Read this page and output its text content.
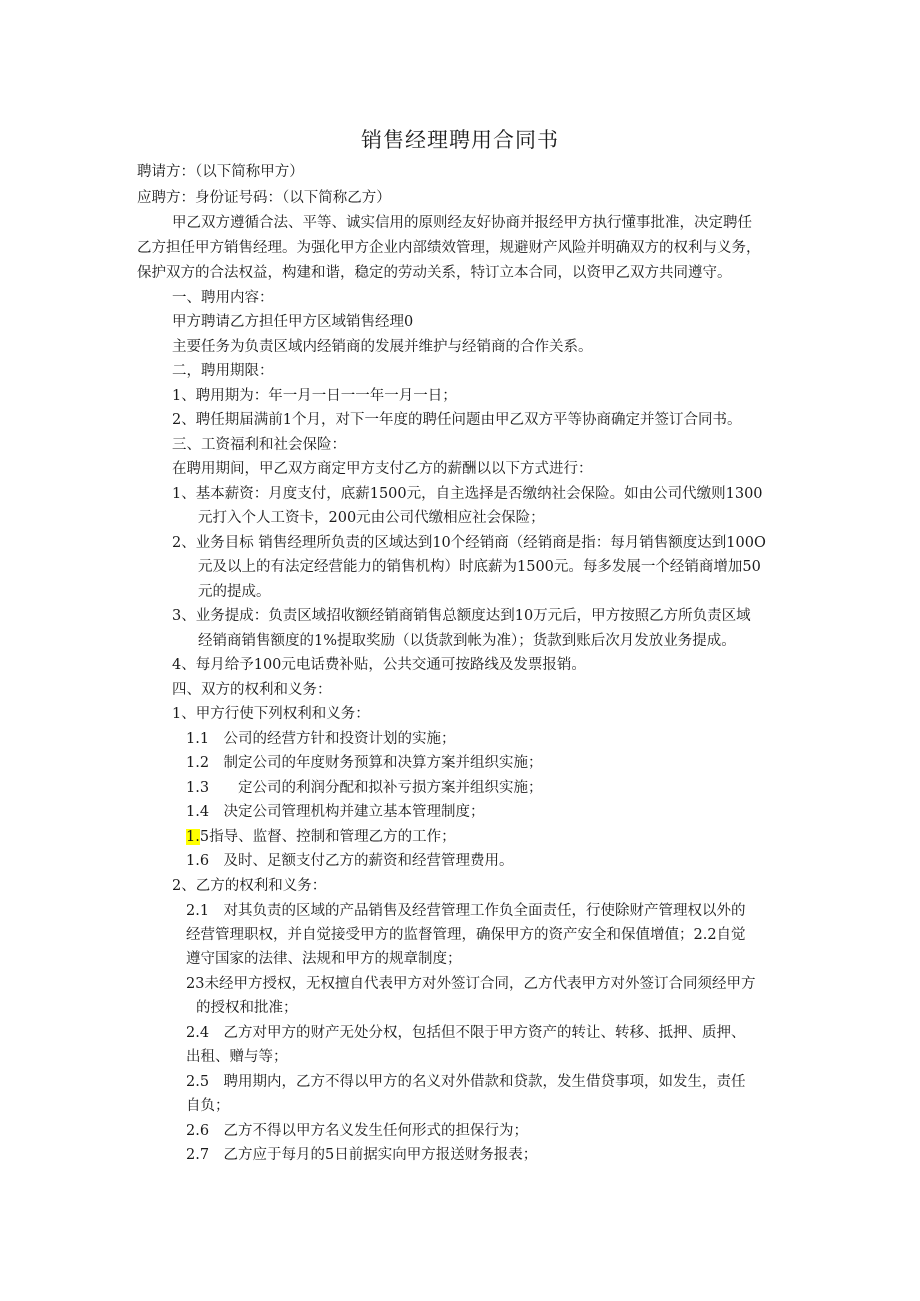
销售经理聘用合同书
聘请方：（以下简称甲方）
应聘方：身份证号码：（以下简称乙方）
甲乙双方遵循合法、平等、诚实信用的原则经友好协商并报经甲方执行懂事批准，决定聘任
乙方担任甲方销售经理。为强化甲方企业内部绩效管理，规避财产风险并明确双方的权利与义务，
保护双方的合法权益，构建和谐，稳定的劳动关系，特订立本合同，以资甲乙双方共同遵守。
一、聘用内容：
甲方聘请乙方担任甲方区域销售经理0
主要任务为负责区域内经销商的发展并维护与经销商的合作关系。
二，聘用期限：
1、聘用期为：年一月一日一一年一月一日；
2、聘任期届满前1个月，对下一年度的聘任问题由甲乙双方平等协商确定并签订合同书。
三、工资福利和社会保险：
在聘用期间，甲乙双方商定甲方支付乙方的薪酬以以下方式进行：
1、基本薪资：月度支付，底薪1500元，自主选择是否缴纳社会保险。如由公司代缴则1300
元打入个人工资卡，200元由公司代缴相应社会保险；
2、业务目标 销售经理所负责的区域达到10个经销商（经销商是指：每月销售额度达到100O
元及以上的有法定经营能力的销售机构）时底薪为1500元。每多发展一个经销商增加50
元的提成。
3、业务提成：负责区域招收额经销商销售总额度达到10万元后，甲方按照乙方所负责区域
经销商销售额度的1%提取奖励（以货款到帐为准）；货款到账后次月发放业务提成。
4、每月给予100元电话费补贴，公共交通可按路线及发票报销。
四、双方的权利和义务：
1、甲方行使下列权利和义务：
1.1　公司的经营方针和投资计划的实施；
1.2　制定公司的年度财务预算和决算方案并组织实施；
1.3　　定公司的利润分配和拟补亏损方案并组织实施；
1.4　决定公司管理机构并建立基本管理制度；
1.5指导、监督、控制和管理乙方的工作；
1.6　及时、足额支付乙方的薪资和经营管理费用。
2、乙方的权利和义务：
2.1　对其负责的区域的产品销售及经营管理工作负全面责任，行使除财产管理权以外的
经营管理职权，并自觉接受甲方的监督管理，确保甲方的资产安全和保值增值；2.2自觉
遵守国家的法律、法规和甲方的规章制度；
23未经甲方授权，无权擅自代表甲方对外签订合同，乙方代表甲方对外签订合同须经甲方
的授权和批准；
2.4　乙方对甲方的财产无处分权，包括但不限于甲方资产的转让、转移、抵押、质押、
出租、赠与等；
2.5　聘用期内，乙方不得以甲方的名义对外借款和贷款，发生借贷事项，如发生，责任
自负；
2.6　乙方不得以甲方名义发生任何形式的担保行为；
2.7　乙方应于每月的5日前据实向甲方报送财务报表；
